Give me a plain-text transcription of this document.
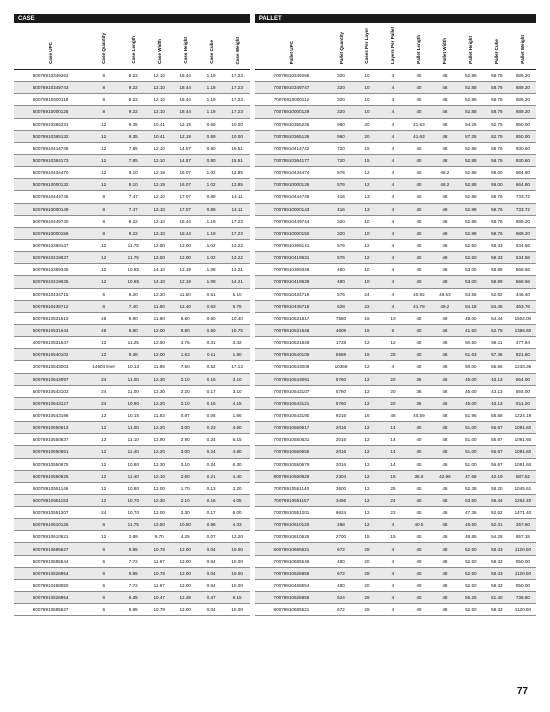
CASE								PALLET								
Case UPC	Case Quantity	Case Length	Case Width	Case Height	Case Cube	Case Weight		Pallet UPC	Pallet Quantity	Cases Per Layer	Layers Per Pallet	Pallet Length	Pallet Width	Pallet Height	Pallet Cube	Pallet Weight
50078910349262	8	9.22	12.10	18.44	1.19	17.23		70078910349266	320	10	4	40	48	52.88	58.76	689.20
50078910349743	8	9.22	12.10	18.44	1.19	17.23		70078910349747	320	10	4	40	48	52.88	58.76	689.20
50078910000118	8	9.22	12.10	18.44	1.19	17.23		70078910000112	320	10	4	40	48	52.88	58.76	689.20
50078910000125	8	9.22	12.10	18.44	1.19	17.23		70078910000129	320	10	4	40	48	52.88	58.76	689.20
50078910365231	12	9.35	10.41	12.19	0.69	10.00		70078910365235	960	20	4	41.63	48	54.26	62.75	850.00
50078910365132	12	9.35	10.41	12.19	0.69	10.00		70078910365136	960	20	4	41.63	48	87.26	62.75	850.00
50078910414748	12	7.85	12.10	14.57	0.80	15.51		70078910414742	720	15	4	40	48	52.88	58.76	930.60
50078910364173	12	7.85	12.10	14.57	0.80	15.51		70078910364177	720	15	4	40	48	52.88	58.76	930.60
50078910434470	12	9.10	12.19	16.07	1.02	13.85		70078910434474	576	12	4	40	48.2	52.88	59.00	664.80
50078910000132	12	9.10	12.19	16.07	1.02	13.85		70078910000136	576	12	4	40	48.2	52.88	59.00	664.80
50078910444745	8	7.47	12.10	17.07	0.89	14.11		70078910444749	416	13	4	40	48	52.88	58.76	733.72
50078910000149	8	7.47	12.10	17.07	0.89	14.11		70078910000143	416	13	4	40	48	52.88	58.76	733.72
50078910449740	8	9.22	12.10	18.44	1.19	17.23		70078910449744	320	10	4	40	48	52.88	58.76	689.20
50078910000156	8	9.22	12.10	18.44	1.19	17.23		70078910000150	320	10	4	40	48	52.88	58.76	689.20
50078910369147	12	11.75	12.50	12.00	1.02	13.22		70078910369141	576	12	4	40	48	52.50	58.33	634.56
50078910419637	12	11.75	12.50	12.00	1.02	13.22		70078910419631	576	12	4	40	48	52.50	58.33	634.56
50078910369345	12	10.85	14.10	12.19	1.08	14.21		70078910369349	480	10	4	40	48	53.00	58.89	568.66
50078910419635	12	10.85	14.10	12.19	1.08	14.21		70078910419639	480	10	4	40	48	53.00	58.89	568.66
50078910434715	6	6.20	12.20	11.60	0.51	5.10		70078910434719	576	24	4	40.92	49.53	53.56	62.82	446.40
50078910435712	6	7.40	11.80	12.40	0.63	5.75		70078910435716	528	22	4	41.78	49.2	54.18	64.45	463.76
50078910531513	48	9.90	11.90	8.80	0.60	10.40		70078910531517	7680	16	10	40	49	48.00	54.44	1504.00
50078910531544	48	9.80	12.00	8.80	0.60	10.75		70078910531548	4608	16	6	40	46	41.50	52.78	1356.60
40078910531547	12	11.25	12.50	3.75	0.31	3.32		70078910531548	1728	12	12	40	48	50.50	56.11	477.94
50078910540102	12	9.38	12.00	1.63	0.11	1.90		70078910540106	5568	16	29	40	48	51.63	57.36	921.60
20078910543003	14604 liner	10.13	11.88	7.50	0.52	17.13		70078910543008	10368	12	4	40	48	50.00	55.56	1233.36
50078910543097	24	11.00	12.30	2.10	0.16	3.10		70078910543091	5760	12	20	36	46	45.00	43.13	564.00
50078910543103	24	11.00	12.30	2.20	0.17	3.10		70078910543107	5760	12	20	36	46	45.00	43.13	564.00
50078910543127	24	10.90	12.20	2.10	0.16	4.15		70078910543121	5760	12	20	36	46	45.00	43.13	811.20
50078910543196	12	10.15	11.83	0.97	0.06	1.86		70078910543190	9216	16	48	40.59	48	51.96	58.58	1224.19
50078910550613	12	11.00	12.20	3.00	0.23	4.60		70078910550617	2016	12	14	40	48	51.00	56.67	1091.60
50078910550637	12	11.10	12.90	2.90	0.24	6.15		70078910550631	2016	12	14	40	48	51.00	56.67	1091.60
50078910550651	12	11.40	12.20	3.00	0.24	4.80		70078910550655	2016	12	14	40	48	51.00	56.67	1091.60
50078910550675	12	10.80	12.30	3.10	0.24	6.30		70078910550679	2016	12	14	40	48	51.00	56.67	1091.60
60078910550825	12	11.40	12.10	2.60	0.21	4.40		80078910550829	2304	12	16	35.6	42.96	47.68	42.19	587.52
50078910551146	12	10.80	12.00	1.70	0.13	3.20		70078910551140	3600	12	25	40	48	52.38	58.20	1045.61
50078910551153	12	10.70	12.30	2.10	0.16	4.05		70078910551157	3456	12	24	40	48	53.50	59.44	1252.40
50078910551207	24	10.70	12.00	2.30	0.17	6.00		70078910551201	6624	12	23	40	48	47.36	52.62	1471.40
50078910610126	6	11.75	13.50	10.50	0.96	4.33		70078910610120	288	12	4	40.5	48	46.50	52.31	257.60
50078910610621	12	2.89	9.70	4.25	0.07	12.20		70078910610625	2700	15	15	40	48	48.85	54.28	957.18
60078910685527	6	5.85	10.78	12.00	0.04	10.00		80078910685521	672	28	4	40	48	52.50	58.33	1120.00
50078910685544	6	7.72	11.97	12.00	0.64	10.00		70078910685548	480	20	4	40	48	52.50	58.33	850.00
50078910526854	6	5.85	10.78	12.00	0.04	10.00		70078910526858	672	28	4	40	48	52.50	58.33	1120.00
50078910468550	6	7.72	11.97	12.00	0.64	10.00		70078910468554	480	20	4	40	48	52.50	58.33	850.00
50078910526854	6	6.35	10.47	12.48	0.47	6.15		70078910526858	624	26	4	40	48	55.26	61.40	738.80
60078910685527	6	5.85	10.78	12.00	0.04	10.00		80078910685521	672	28	4	40	48	52.50	58.33	1120.00
77
